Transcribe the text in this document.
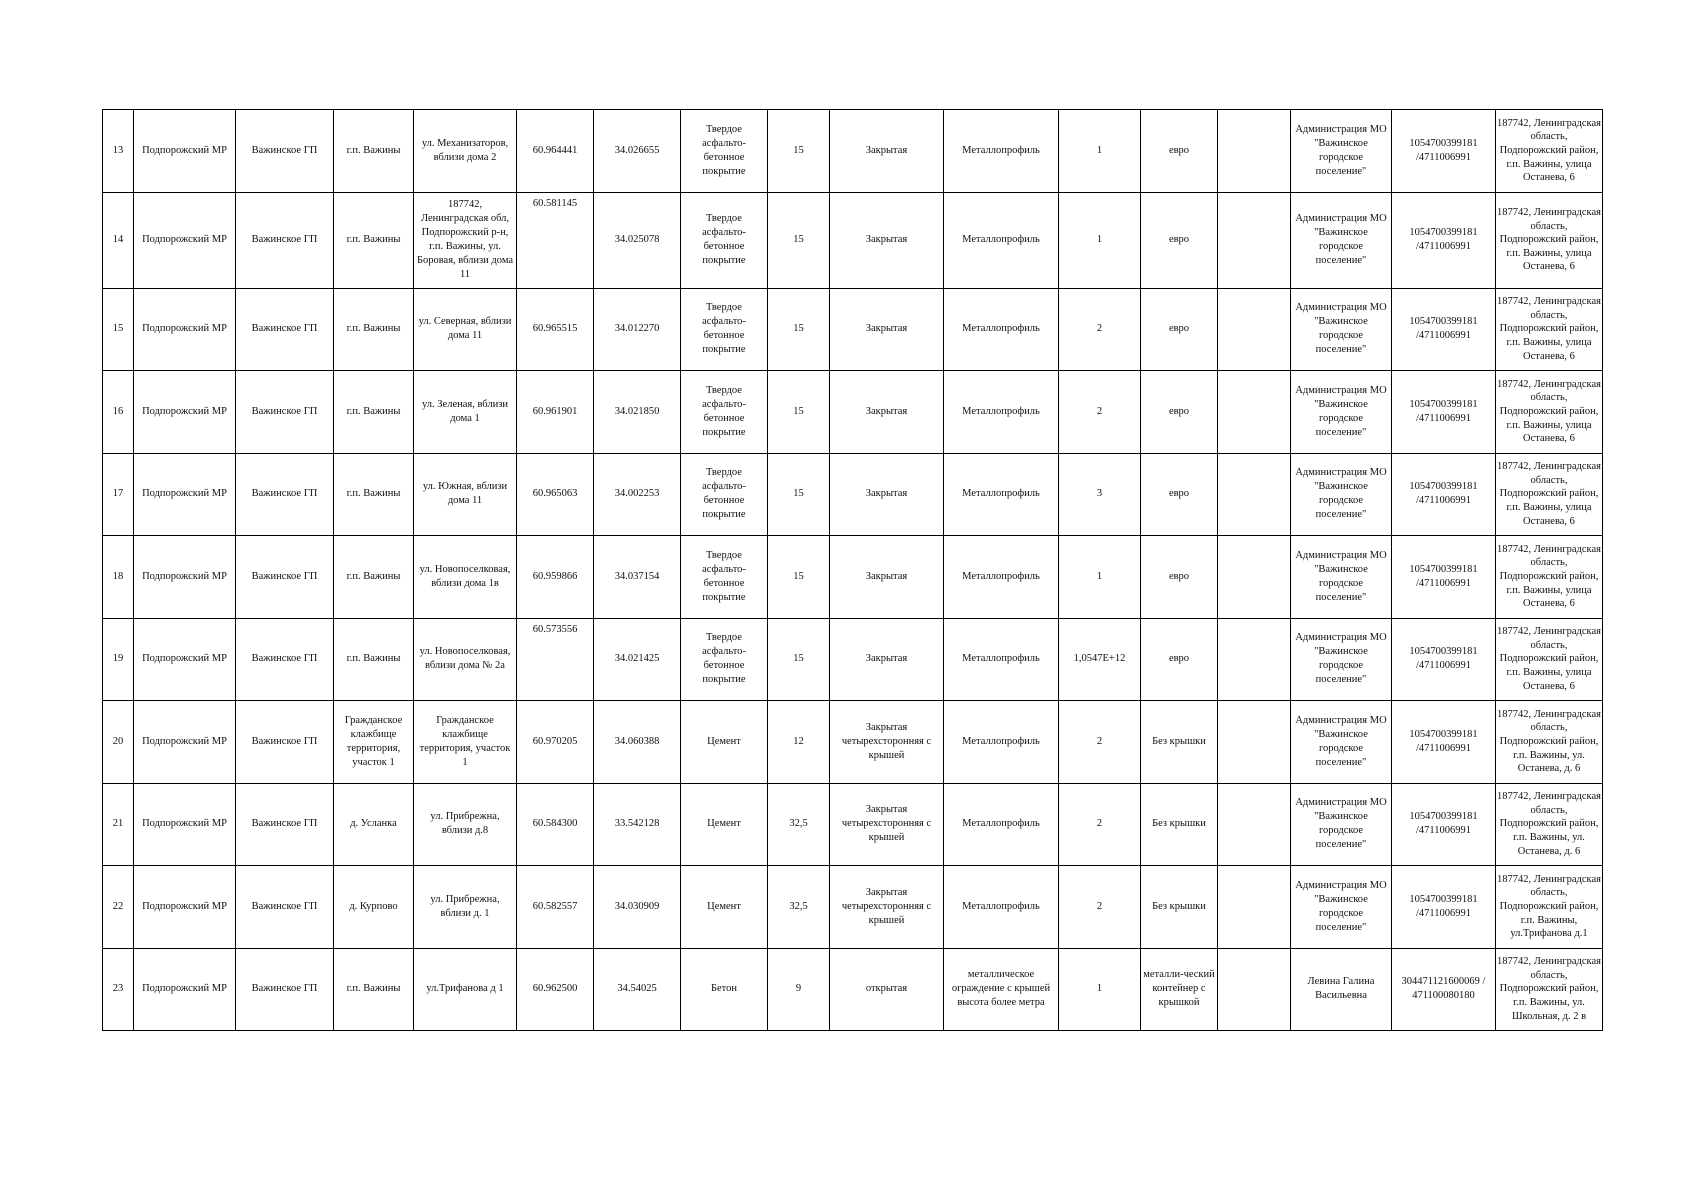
13	Подпорожский МР	Важинское ГП	г.п. Важины	ул. Механизаторов, вблизи дома 2	60.964441	34.026655	Твердое асфальто-бетонное покрытие	15	Закрытая	Металлопрофиль	1	евро		Администрация МО "Важинское городское поселение"	1054700399181 /4711006991	187742, Ленинградская область, Подпорожский район, г.п. Важины, улица Останева, 6

14	Подпорожский МР	Важинское ГП	г.п. Важины	187742, Ленинградская обл, Подпорожский р-н, г.п. Важины, ул. Боровая, вблизи дома 11	60.581145	34.025078	Твердое асфальто-бетонное покрытие	15	Закрытая	Металлопрофиль	1	евро		Администрация МО "Важинское городское поселение"	1054700399181 /4711006991	187742, Ленинградская область, Подпорожский район, г.п. Важины, улица Останева, 6

15	Подпорожский МР	Важинское ГП	г.п. Важины	ул. Северная, вблизи дома 11	60.965515	34.012270	Твердое асфальто-бетонное покрытие	15	Закрытая	Металлопрофиль	2	евро		Администрация МО "Важинское городское поселение"	1054700399181 /4711006991	187742, Ленинградская область, Подпорожский район, г.п. Важины, улица Останева, 6

16	Подпорожский МР	Важинское ГП	г.п. Важины	ул. Зеленая, вблизи дома 1	60.961901	34.021850	Твердое асфальто-бетонное покрытие	15	Закрытая	Металлопрофиль	2	евро		Администрация МО "Важинское городское поселение"	1054700399181 /4711006991	187742, Ленинградская область, Подпорожский район, г.п. Важины, улица Останева, 6

17	Подпорожский МР	Важинское ГП	г.п. Важины	ул. Южная, вблизи дома 11	60.965063	34.002253	Твердое асфальто-бетонное покрытие	15	Закрытая	Металлопрофиль	3	евро		Администрация МО "Важинское городское поселение"	1054700399181 /4711006991	187742, Ленинградская область, Подпорожский район, г.п. Важины, улица Останева, 6

18	Подпорожский МР	Важинское ГП	г.п. Важины	ул. Новопоселковая, вблизи дома 1в	60.959866	34.037154	Твердое асфальто-бетонное покрытие	15	Закрытая	Металлопрофиль	1	евро		Администрация МО "Важинское городское поселение"	1054700399181 /4711006991	187742, Ленинградская область, Подпорожский район, г.п. Важины, улица Останева, 6

19	Подпорожский МР	Важинское ГП	г.п. Важины	ул. Новопоселковая, вблизи дома № 2а	60.573556	34.021425	Твердое асфальто-бетонное покрытие	15	Закрытая	Металлопрофиль	1,0547E+12	евро		Администрация МО "Важинское городское поселение"	1054700399181 /4711006991	187742, Ленинградская область, Подпорожский район, г.п. Важины, улица Останева, 6

20	Подпорожский МР	Важинское ГП	Гражданское клажбище территория, участок 1	Гражданское клажбище территория, участок 1	60.970205	34.060388	Цемент	12	Закрытая четырехсторонняя с крышей	Металлопрофиль	2	Без крышки		Администрация МО "Важинское городское поселение"	1054700399181 /4711006991	187742, Ленинградская область, Подпорожский район, г.п. Важины, ул. Останева, д. 6

21	Подпорожский МР	Важинское ГП	д. Усланка	ул. Прибрежна, вблизи д.8	60.584300	33.542128	Цемент	32,5	Закрытая четырехсторонняя с крышей	Металлопрофиль	2	Без крышки		Администрация МО "Важинское городское поселение"	1054700399181 /4711006991	187742, Ленинградская область, Подпорожский район, г.п. Важины, ул. Останева, д. 6

22	Подпорожский МР	Важинское ГП	д. Курпово	ул. Прибрежна, вблизи д. 1	60.582557	34.030909	Цемент	32,5	Закрытая четырехсторонняя с крышей	Металлопрофиль	2	Без крышки		Администрация МО "Важинское городское поселение"	1054700399181 /4711006991	187742, Ленинградская область, Подпорожский район, г.п. Важины, ул.Трифанова д.1

23	Подпорожский МР	Важинское ГП	г.п. Важины	ул.Трифанова д 1	60.962500	34.54025	Бетон	9	открытая	металлическое ограждение с крышей высота более метра	1	металли-ческий контейнер с крышкой		Левина Галина Васильевна	304471121600069 / 471100080180	187742, Ленинградская область, Подпорожский район, г.п. Важины, ул. Школьная, д. 2 в
